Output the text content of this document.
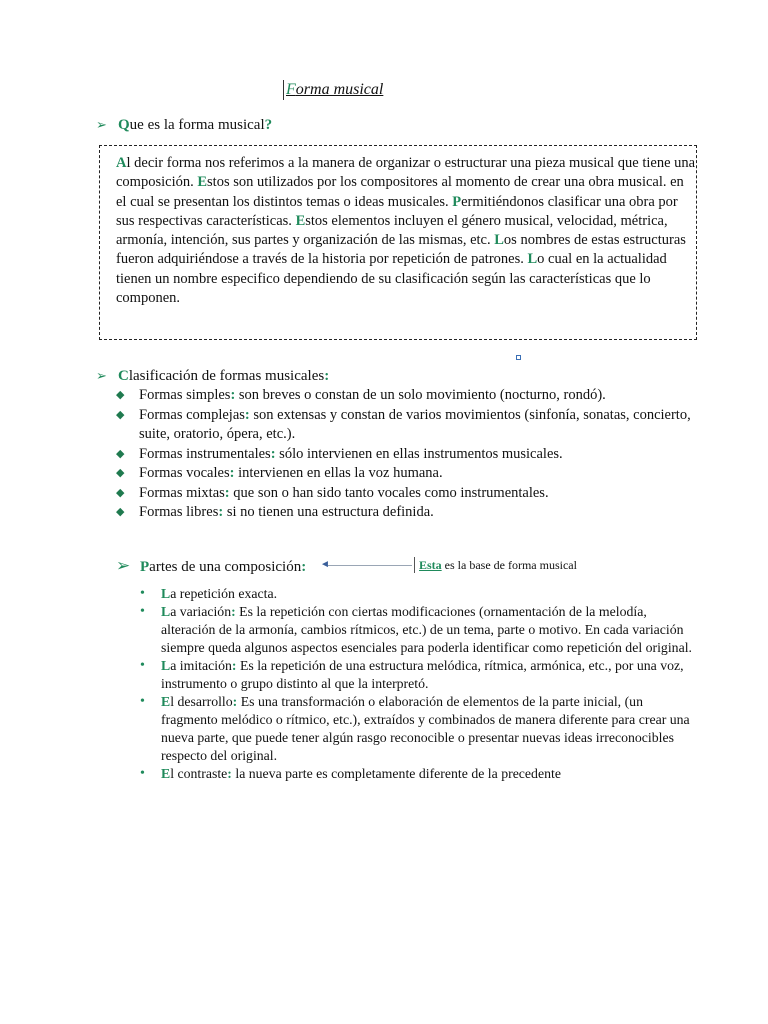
Forma musical
➢ Que es la forma musical?
Al decir forma nos referimos a la manera de organizar o estructurar una pieza musical que tiene una composición. Estos son utilizados por los compositores al momento de crear una obra musical. en el cual se presentan los distintos temas o ideas musicales. Permitiéndonos clasificar una obra por sus respectivas características. Estos elementos incluyen el género musical, velocidad, métrica, armonía, intención, sus partes y organización de las mismas, etc. Los nombres de estas estructuras fueron adquiriéndose a través de la historia por repetición de patrones. Lo cual en la actualidad tienen un nombre especifico dependiendo de su clasificación según las características que lo componen.
➢ Clasificación de formas musicales:
◆ Formas simples: son breves o constan de un solo movimiento (nocturno, rondó).
◆ Formas complejas: son extensas y constan de varios movimientos (sinfonía, sonatas, concierto, suite, oratorio, ópera, etc.).
◆ Formas instrumentales: sólo intervienen en ellas instrumentos musicales.
◆ Formas vocales: intervienen en ellas la voz humana.
◆ Formas mixtas: que son o han sido tanto vocales como instrumentales.
◆ Formas libres: si no tienen una estructura definida.
➢ Partes de una composición: ◄	Esta es la base de forma musical
• La repetición exacta.
• La variación: Es la repetición con ciertas modificaciones (ornamentación de la melodía, alteración de la armonía, cambios rítmicos, etc.) de un tema, parte o motivo. En cada variación siempre queda algunos aspectos esenciales para poderla identificar como repetición del original.
• La imitación: Es la repetición de una estructura melódica, rítmica, armónica, etc., por una voz, instrumento o grupo distinto al que la interpretó.
• El desarrollo: Es una transformación o elaboración de elementos de la parte inicial, (un fragmento melódico o rítmico, etc.), extraídos y combinados de manera diferente para crear una nueva parte, que puede tener algún rasgo reconocible o presentar nuevas ideas irreconocibles respecto del original.
• El contraste: la nueva parte es completamente diferente de la precedente
